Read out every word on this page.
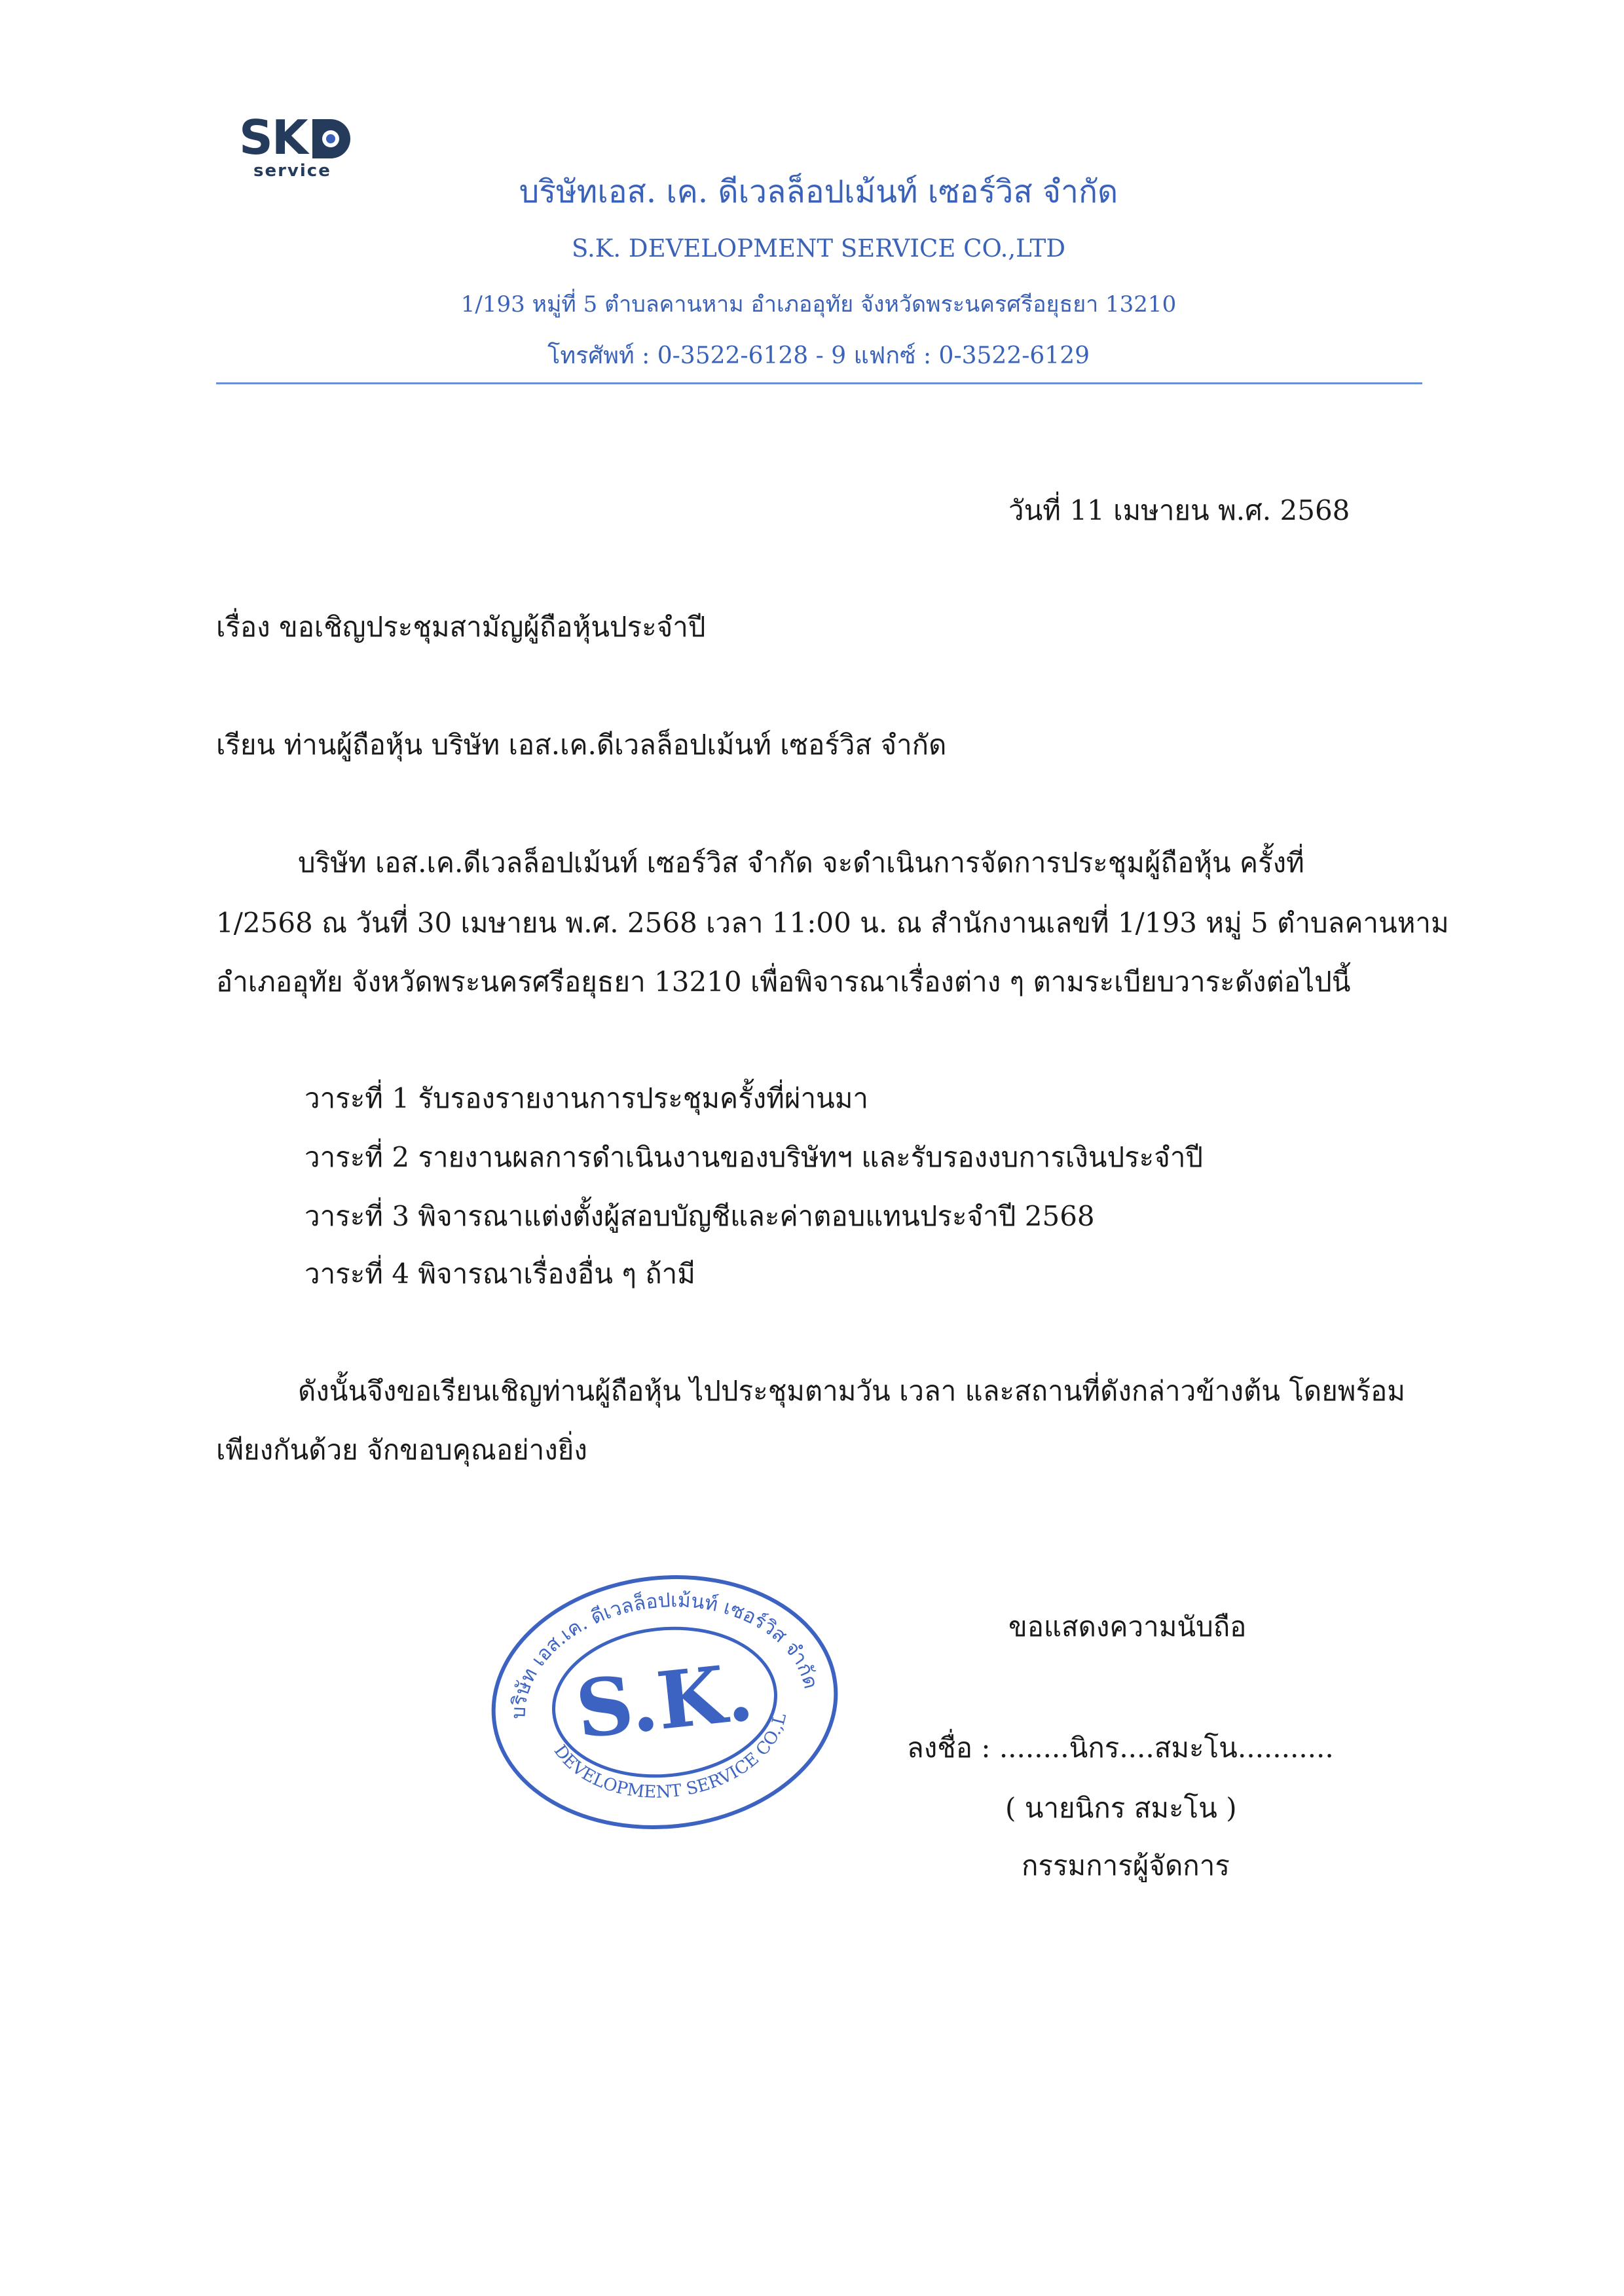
SK
service
บริษัทเอส. เค. ดีเวลล็อปเม้นท์ เซอร์วิส จำกัด
S.K. DEVELOPMENT SERVICE CO.,LTD
1/193 หมู่ที่ 5 ตำบลคานหาม อำเภออุทัย จังหวัดพระนครศรีอยุธยา 13210
โทรศัพท์ : 0-3522-6128 - 9 แฟกซ์ : 0-3522-6129
วันที่ 11 เมษายน พ.ศ. 2568
เรื่อง ขอเชิญประชุมสามัญผู้ถือหุ้นประจำปี
เรียน ท่านผู้ถือหุ้น บริษัท เอส.เค.ดีเวลล็อปเม้นท์ เซอร์วิส จำกัด
บริษัท เอส.เค.ดีเวลล็อปเม้นท์ เซอร์วิส จำกัด จะดำเนินการจัดการประชุมผู้ถือหุ้น ครั้งที่
1/2568 ณ วันที่ 30 เมษายน พ.ศ. 2568 เวลา 11:00 น. ณ สำนักงานเลขที่ 1/193 หมู่ 5 ตำบลคานหาม
อำเภออุทัย จังหวัดพระนครศรีอยุธยา 13210 เพื่อพิจารณาเรื่องต่าง ๆ ตามระเบียบวาระดังต่อไปนี้
วาระที่ 1 รับรองรายงานการประชุมครั้งที่ผ่านมา
วาระที่ 2 รายงานผลการดำเนินงานของบริษัทฯ และรับรองงบการเงินประจำปี
วาระที่ 3 พิจารณาแต่งตั้งผู้สอบบัญชีและค่าตอบแทนประจำปี 2568
วาระที่ 4 พิจารณาเรื่องอื่น ๆ ถ้ามี
ดังนั้นจึงขอเรียนเชิญท่านผู้ถือหุ้น ไปประชุมตามวัน เวลา และสถานที่ดังกล่าวข้างต้น โดยพร้อม
เพียงกันด้วย จักขอบคุณอย่างยิ่ง
ขอแสดงความนับถือ
ลงชื่อ : ........นิกร....สมะโน...........
( นายนิกร สมะโน )
กรรมการผู้จัดการ
บริษัท เอส.เค. ดีเวลล็อปเม้นท์ เซอร์วิส จำกัด
DEVELOPMENT SERVICE CO.,LTD.
S.K.
